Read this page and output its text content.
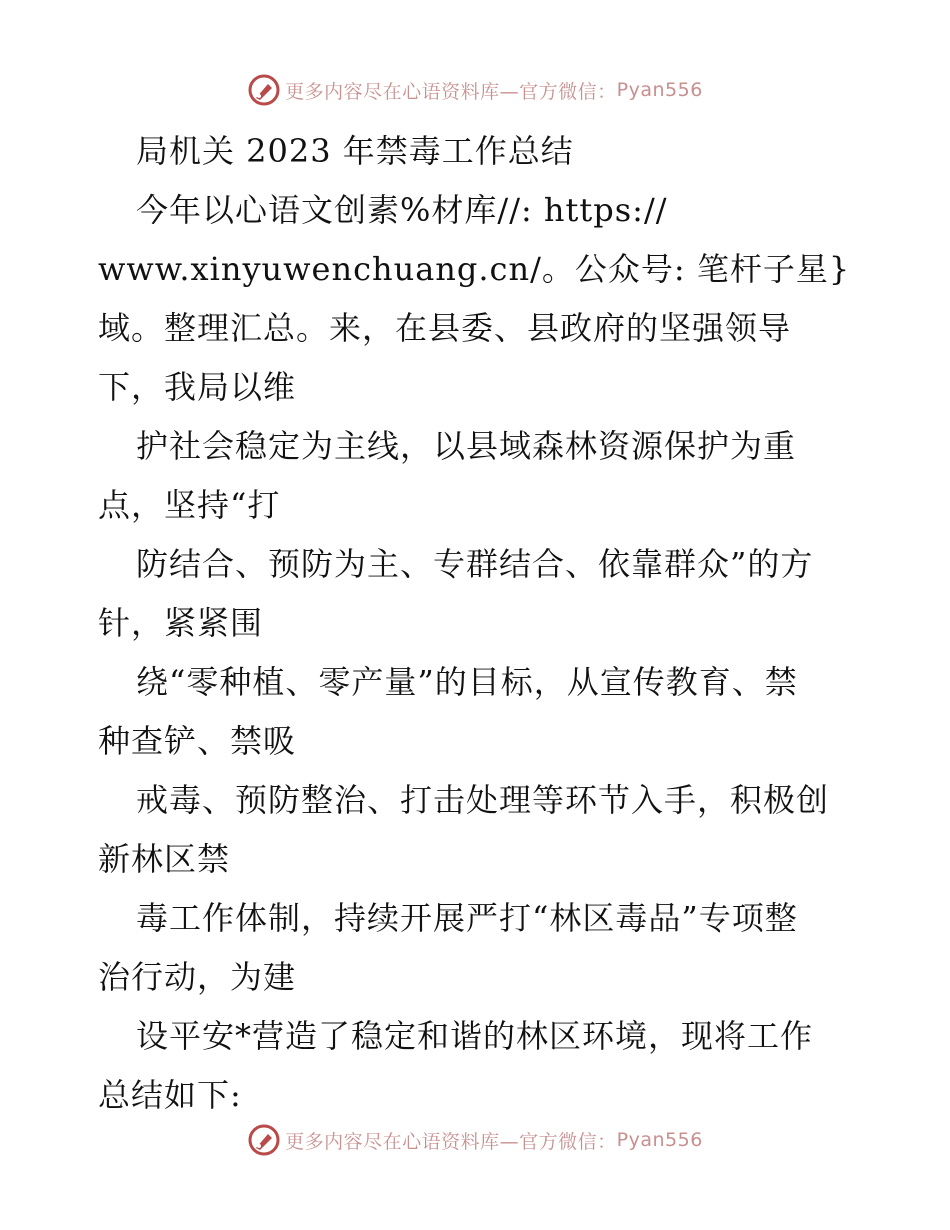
更多内容尽在心语资料库—官方微信： Pyan556
局机关 2023 年禁毒工作总结
今年以心语文创素%材库//: https://
www.xinyuwenchuang.cn/。公众号: 笔杆子星}
域。整理汇总。来，在县委、县政府的坚强领导
下，我局以维
护社会稳定为主线，以县域森林资源保护为重
点，坚持“打
防结合、预防为主、专群结合、依靠群众”的方
针，紧紧围
绕“零种植、零产量”的目标，从宣传教育、禁
种查铲、禁吸
戒毒、预防整治、打击处理等环节入手，积极创
新林区禁
毒工作体制，持续开展严打“林区毒品”专项整
治行动，为建
设平安*营造了稳定和谐的林区环境，现将工作
总结如下:
更多内容尽在心语资料库—官方微信： Pyan556
